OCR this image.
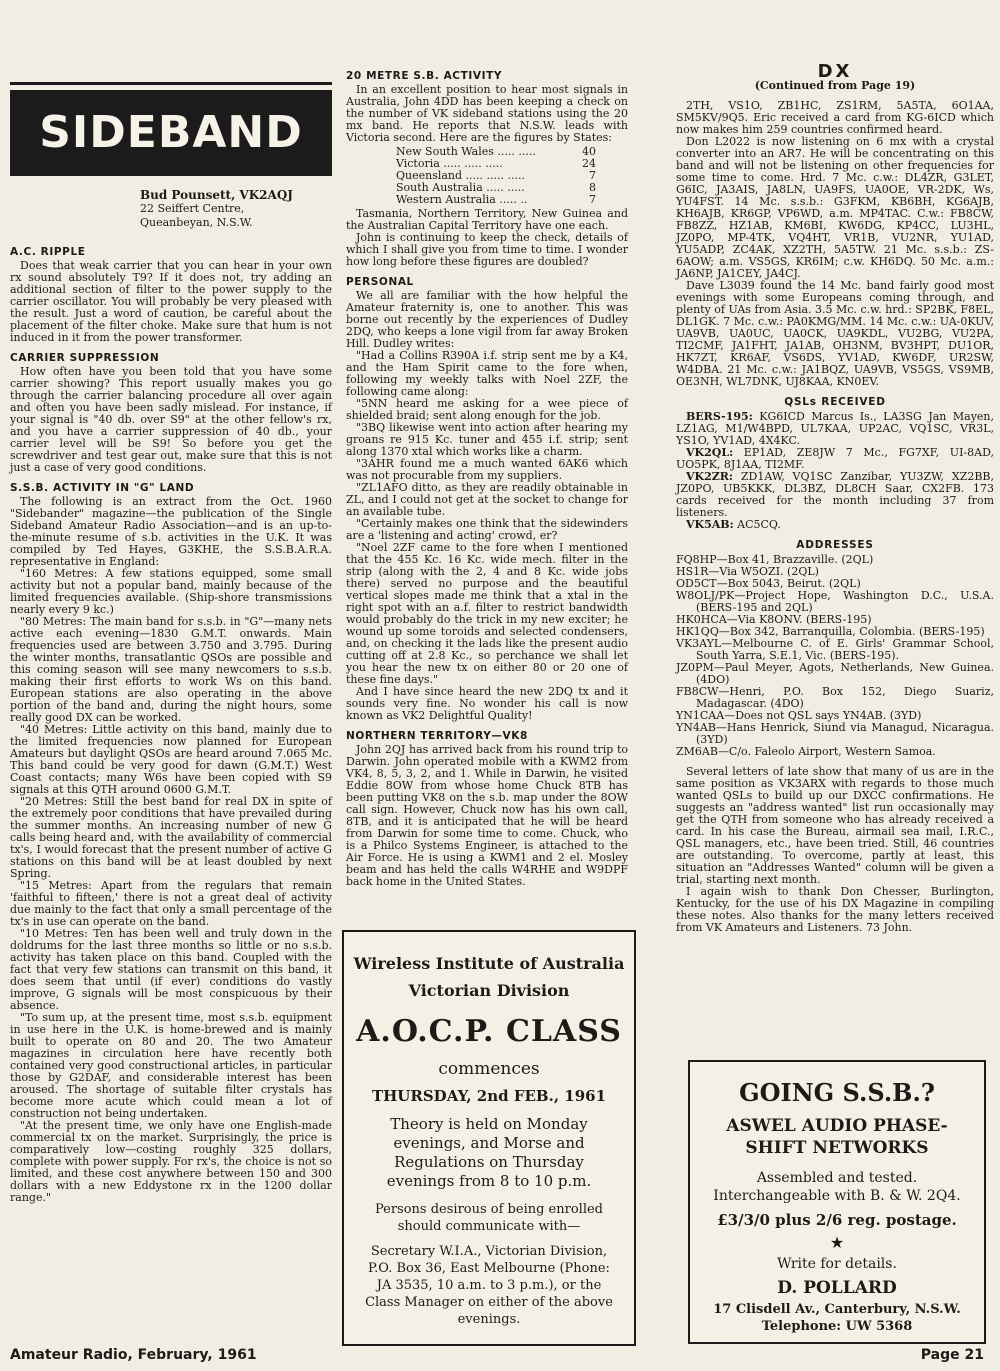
SIDEBAND
Bud Pounsett, VK2AQJ
22 Seiffert Centre,
Queanbeyan, N.S.W.
A.C. RIPPLE

Does that weak carrier that you can hear in your own rx sound absolutely T9? If it does not, try adding an additional section of filter to the power supply to the carrier oscillator. You will probably be very pleased with the result. Just a word of caution, be careful about the placement of the filter choke. Make sure that hum is not induced in it from the power transformer.

CARRIER SUPPRESSION

How often have you been told that you have some carrier showing? This report usually makes you go through the carrier balancing procedure all over again and often you have been sadly mislead. For instance, if your signal is "40 db. over S9" at the other fellow's rx, and you have a carrier suppression of 40 db., your carrier level will be S9! So before you get the screwdriver and test gear out, make sure that this is not just a case of very good conditions.

S.S.B. ACTIVITY IN "G" LAND

The following is an extract from the Oct. 1960 "Sidebander" magazine—the publication of the Single Sideband Amateur Radio Association—and is an up-to-the-minute resume of s.b. activities in the U.K. It was compiled by Ted Hayes, G3KHE, the S.S.B.A.R.A. representative in England:

"160 Metres: A few stations equipped, some small activity but not a popular band, mainly because of the limited frequencies available. (Ship-shore transmissions nearly every 9 kc.)

"80 Metres: The main band for s.s.b. in "G"—many nets active each evening—1830 G.M.T. onwards. Main frequencies used are between 3.750 and 3.795. During the winter months, transatlantic QSOs are possible and this coming season will see many newcomers to s.s.b. making their first efforts to work Ws on this band. European stations are also operating in the above portion of the band and, during the night hours, some really good DX can be worked.

"40 Metres: Little activity on this band, mainly due to the limited frequencies now planned for European Amateurs but daylight QSOs are heard around 7.065 Mc. This band could be very good for dawn (G.M.T.) West Coast contacts; many W6s have been copied with S9 signals at this QTH around 0600 G.M.T.

"20 Metres: Still the best band for real DX in spite of the extremely poor conditions that have prevailed during the summer months. An increasing number of new G calls being heard and, with the availability of commercial tx's, I would forecast that the present number of active G stations on this band will be at least doubled by next Spring.

"15 Metres: Apart from the regulars that remain 'faithful to fifteen,' there is not a great deal of activity due mainly to the fact that only a small percentage of the tx's in use can operate on the band.

"10 Metres: Ten has been well and truly down in the doldrums for the last three months so little or no s.s.b. activity has taken place on this band. Coupled with the fact that very few stations can transmit on this band, it does seem that until (if ever) conditions do vastly improve, G signals will be most conspicuous by their absence.

"To sum up, at the present time, most s.s.b. equipment in use here in the U.K. is home-brewed and is mainly built to operate on 80 and 20. The two Amateur magazines in circulation here have recently both contained very good constructional articles, in particular those by G2DAF, and considerable interest has been aroused. The shortage of suitable filter crystals has become more acute which could mean a lot of construction not being undertaken.

"At the present time, we only have one English-made commercial tx on the market. Surprisingly, the price is comparatively low—costing roughly 325 dollars, complete with power supply. For rx's, the choice is not so limited, and these cost anywhere between 150 and 300 dollars with a new Eddystone rx in the 1200 dollar range."

20 METRE S.B. ACTIVITY

In an excellent position to hear most signals in Australia, John 4DD has been keeping a check on the number of VK sideband stations using the 20 mx band. He reports that N.S.W. leads with Victoria second. Here are the figures by States:

New South Wales ..... .....	40
Victoria ..... ..... .....	24
Queensland ..... ..... .....	7
South Australia ..... .....	8
Western Australia ..... ..	7

Tasmania, Northern Territory, New Guinea and the Australian Capital Territory have one each.

John is continuing to keep the check, details of which I shall give you from time to time. I wonder how long before these figures are doubled?

PERSONAL

We all are familiar with the how helpful the Amateur fraternity is, one to another. This was borne out recently by the experiences of Dudley 2DQ, who keeps a lone vigil from far away Broken Hill. Dudley writes:

"Had a Collins R390A i.f. strip sent me by a K4, and the Ham Spirit came to the fore when, following my weekly talks with Noel 2ZF, the following came along:

"5NN heard me asking for a wee piece of shielded braid; sent along enough for the job.

"3BQ likewise went into action after hearing my groans re 915 Kc. tuner and 455 i.f. strip; sent along 1370 xtal which works like a charm.

"3AHR found me a much wanted 6AK6 which was not procurable from my suppliers.

"ZL1AFO ditto, as they are readily obtainable in ZL, and I could not get at the socket to change for an available tube.

"Certainly makes one think that the sidewinders are a 'listening and acting' crowd, er?

"Noel 2ZF came to the fore when I mentioned that the 455 Kc. 16 Kc. wide mech. filter in the strip (along with the 2, 4 and 8 Kc. wide jobs there) served no purpose and the beautiful vertical slopes made me think that a xtal in the right spot with an a.f. filter to restrict bandwidth would probably do the trick in my new exciter; he wound up some toroids and selected condensers, and, on checking it the lads like the present audio cutting off at 2.8 Kc., so perchance we shall let you hear the new tx on either 80 or 20 one of these fine days."

And I have since heard the new 2DQ tx and it sounds very fine. No wonder his call is now known as VK2 Delightful Quality!

NORTHERN TERRITORY—VK8

John 2QJ has arrived back from his round trip to Darwin. John operated mobile with a KWM2 from VK4, 8, 5, 3, 2, and 1. While in Darwin, he visited Eddie 8OW from whose home Chuck 8TB has been putting VK8 on the s.b. map under the 8OW call sign. However, Chuck now has his own call, 8TB, and it is anticipated that he will be heard from Darwin for some time to come. Chuck, who is a Philco Systems Engineer, is attached to the Air Force. He is using a KWM1 and 2 el. Mosley beam and has held the calls W4RHE and W9DPF back home in the United States.

Wireless Institute of Australia
Victorian Division
A.O.C.P. CLASS
commences
THURSDAY, 2nd FEB., 1961
Theory is held on Monday evenings, and Morse and Regulations on Thursday evenings from 8 to 10 p.m.
Persons desirous of being enrolled should communicate with—
Secretary W.I.A., Victorian Division, P.O. Box 36, East Melbourne (Phone: JA 3535, 10 a.m. to 3 p.m.), or the Class Manager on either of the above evenings.
DX
(Continued from Page 19)

2TH, VS1O, ZB1HC, ZS1RM, 5A5TA, 6O1AA, SM5KV/9Q5. Eric received a card from KG-6ICD which now makes him 259 countries confirmed heard.

Don L2022 is now listening on 6 mx with a crystal converter into an AR7. He will be concentrating on this band and will not be listening on other frequencies for some time to come. Hrd. 7 Mc. c.w.: DL4ZR, G3LET, G6IC, JA3AIS, JA8LN, UA9FS, UA0OE, VR-2DK, Ws, YU4FST. 14 Mc. s.s.b.: G3FKM, KB6BH, KG6AJB, KH6AJB, KR6GP, VP6WD, a.m. MP4TAC. C.w.: FB8CW, FB8ZZ, HZ1AB, KM6BI, KW6DG, KP4CC, LU3HL, JZ0PO, MP-4TK, VQ4HT, VR1B, VU2NR, YU1AD, YU5ADP, ZC4AK, XZ2TH, 5A5TW. 21 Mc. s.s.b.: ZS-6AOW; a.m. VS5GS, KR6IM; c.w. KH6DQ. 50 Mc. a.m.: JA6NP, JA1CEY, JA4CJ.

Dave L3039 found the 14 Mc. band fairly good most evenings with some Europeans coming through, and plenty of UAs from Asia. 3.5 Mc. c.w. hrd.: SP2BK, F8EL, DL1GK. 7 Mc. c.w.: PA0KMG/MM. 14 Mc. c.w.: UA-0KUV, UA9VB, UA0UC, UA0CK, UA9KDL, VU2BG, VU2PA, TI2CMF, JA1FHT, JA1AB, OH3NM, BV3HPT, DU1OR, HK7ZT, KR6AF, VS6DS, YV1AD, KW6DF, UR2SW, W4DBA. 21 Mc. c.w.: JA1BQZ, UA9VB, VS5GS, VS9MB, OE3NH, WL7DNK, UJ8KAA, KN0EV.

QSLs RECEIVED

BERS-195: KG6ICD Marcus Is., LA3SG Jan Mayen, LZ1AG, M1/W4BPD, UL7KAA, UP2AC, VQ1SC, VR3L, YS1O, YV1AD, 4X4KC.

VK2QL: EP1AD, ZE8JW 7 Mc., FG7XF, UI-8AD, UO5PK, 8J1AA, TI2MF.

VK2ZR: ZD1AW, VQ1SC Zanzibar, YU3ZW, XZ2BB, JZ0PO, UB5KKK, DL3BZ, DL8CH Saar, CX2FB. 173 cards received for the month including 37 from listeners.

VK5AB: AC5CQ.

ADDRESSES

FQ8HP—Box 41, Brazzaville. (2QL)

HS1R—Via W5OZI. (2QL)

OD5CT—Box 5043, Beirut. (2QL)

W8OLJ/PK—Project Hope, Washington D.C., U.S.A. (BERS-195 and 2QL)

HK0HCA—Via K8ONV. (BERS-195)

HK1QQ—Box 342, Barranquilla, Colombia. (BERS-195)

VK3AYL—Melbourne C. of E. Girls' Grammar School, South Yarra, S.E.1, Vic. (BERS-195).

JZ0PM—Paul Meyer, Agots, Netherlands, New Guinea. (4DO)

FB8CW—Henri, P.O. Box 152, Diego Suariz, Madagascar. (4DO)

YN1CAA—Does not QSL says YN4AB. (3YD)

YN4AB—Hans Henrick, Siund via Managud, Nicaragua. (3YD)

ZM6AB—C/o. Faleolo Airport, Western Samoa.

Several letters of late show that many of us are in the same position as VK3ARX with regards to those much wanted QSLs to build up our DXCC confirmations. He suggests an "address wanted" list run occasionally may get the QTH from someone who has already received a card. In his case the Bureau, airmail sea mail, I.R.C., QSL managers, etc., have been tried. Still, 46 countries are outstanding. To overcome, partly at least, this situation an "Addresses Wanted" column will be given a trial, starting next month.

I again wish to thank Don Chesser, Burlington, Kentucky, for the use of his DX Magazine in compiling these notes. Also thanks for the many letters received from VK Amateurs and Listeners. 73 John.

GOING S.S.B.?
ASWEL AUDIO PHASE-SHIFT NETWORKS
Assembled and tested. Interchangeable with B. & W. 2Q4.
£3/3/0 plus 2/6 reg. postage.
★
Write for details.
D. POLLARD
17 Clisdell Av., Canterbury, N.S.W.
Telephone: UW 5368
Amateur Radio, February, 1961	Page 21
